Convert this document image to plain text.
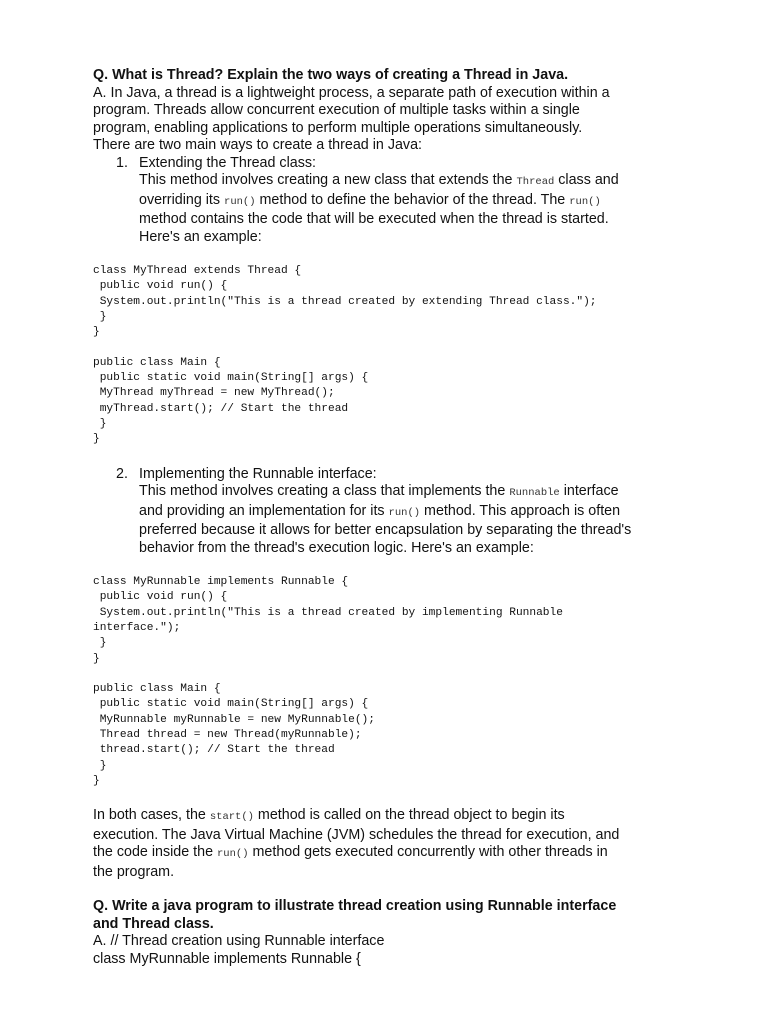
Q. What is Thread? Explain the two ways of creating a Thread in Java.

A. In Java, a thread is a lightweight process, a separate path of execution within a

program. Threads allow concurrent execution of multiple tasks within a single

program, enabling applications to perform multiple operations simultaneously.

There are two main ways to create a thread in Java:

1. Extending the Thread class:

This method involves creating a new class that extends the Thread class and

overriding its run() method to define the behavior of the thread. The run()

method contains the code that will be executed when the thread is started.

Here's an example:

class MyThread extends Thread {
public void run() {
System.out.println("This is a thread created by extending Thread class.");
}
}

public class Main {
public static void main(String[] args) {
MyThread myThread = new MyThread();
myThread.start(); // Start the thread
}
}
2. Implementing the Runnable interface:

This method involves creating a class that implements the Runnable interface

and providing an implementation for its run() method. This approach is often

preferred because it allows for better encapsulation by separating the thread's

behavior from the thread's execution logic. Here's an example:

class MyRunnable implements Runnable {
public void run() {
System.out.println("This is a thread created by implementing Runnable
interface.");
}
}

public class Main {
public static void main(String[] args) {
MyRunnable myRunnable = new MyRunnable();
Thread thread = new Thread(myRunnable);
thread.start(); // Start the thread
}
}

In both cases, the start() method is called on the thread object to begin its

execution. The Java Virtual Machine (JVM) schedules the thread for execution, and

the code inside the run() method gets executed concurrently with other threads in

the program.

Q. Write a java program to illustrate thread creation using Runnable interface

and Thread class.

A. // Thread creation using Runnable interface

class MyRunnable implements Runnable {
